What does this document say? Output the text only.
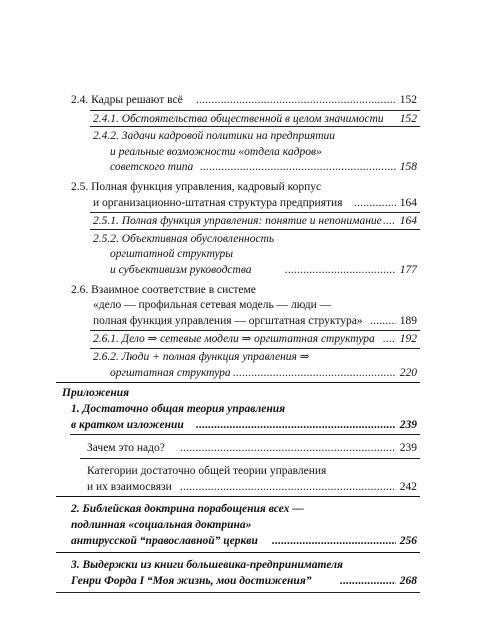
2.4. Кадры решают всё .....	152
2.4.1. Обстоятельства общественной в целом значимости 152
2.4.2. Задачи кадровой политики на предприятии
и реальные возможности «отдела кадров»
советского типа .....	158
2.5. Полная функция управления, кадровый корпус
и организационно-штатная структура предприятия .....	164
2.5.1. Полная функция управления: понятие и непонимание ..... 164
2.5.2. Объективная обусловленность
оргштатной структуры
и субъективизм руководства .....	177
2.6. Взаимное соответствие в системе
«дело — профильная сетевая модель — люди —
полная функция управления — оргштатная структура» .....	189
2.6.1. Дело ⇒ сетевые модели ⇒ оргштатная структура ..... 192
2.6.2. Люди + полная функция управления ⇒
оргштатная структура .....	220
Приложения
1. Достаточно общая теория управления
в кратком изложении .....	239
Зачем это надо? .....	239
Категории достаточно общей теории управления
и их взаимосвязи .....	242
2. Библейская доктрина порабощения всех —
подлинная «социальная доктрина»
антирусской “православной” церкви .....	256
3. Выдержки из книги большевика-предпринимателя
Генри Форда I “Моя жизнь, мои достижения” .....	268
